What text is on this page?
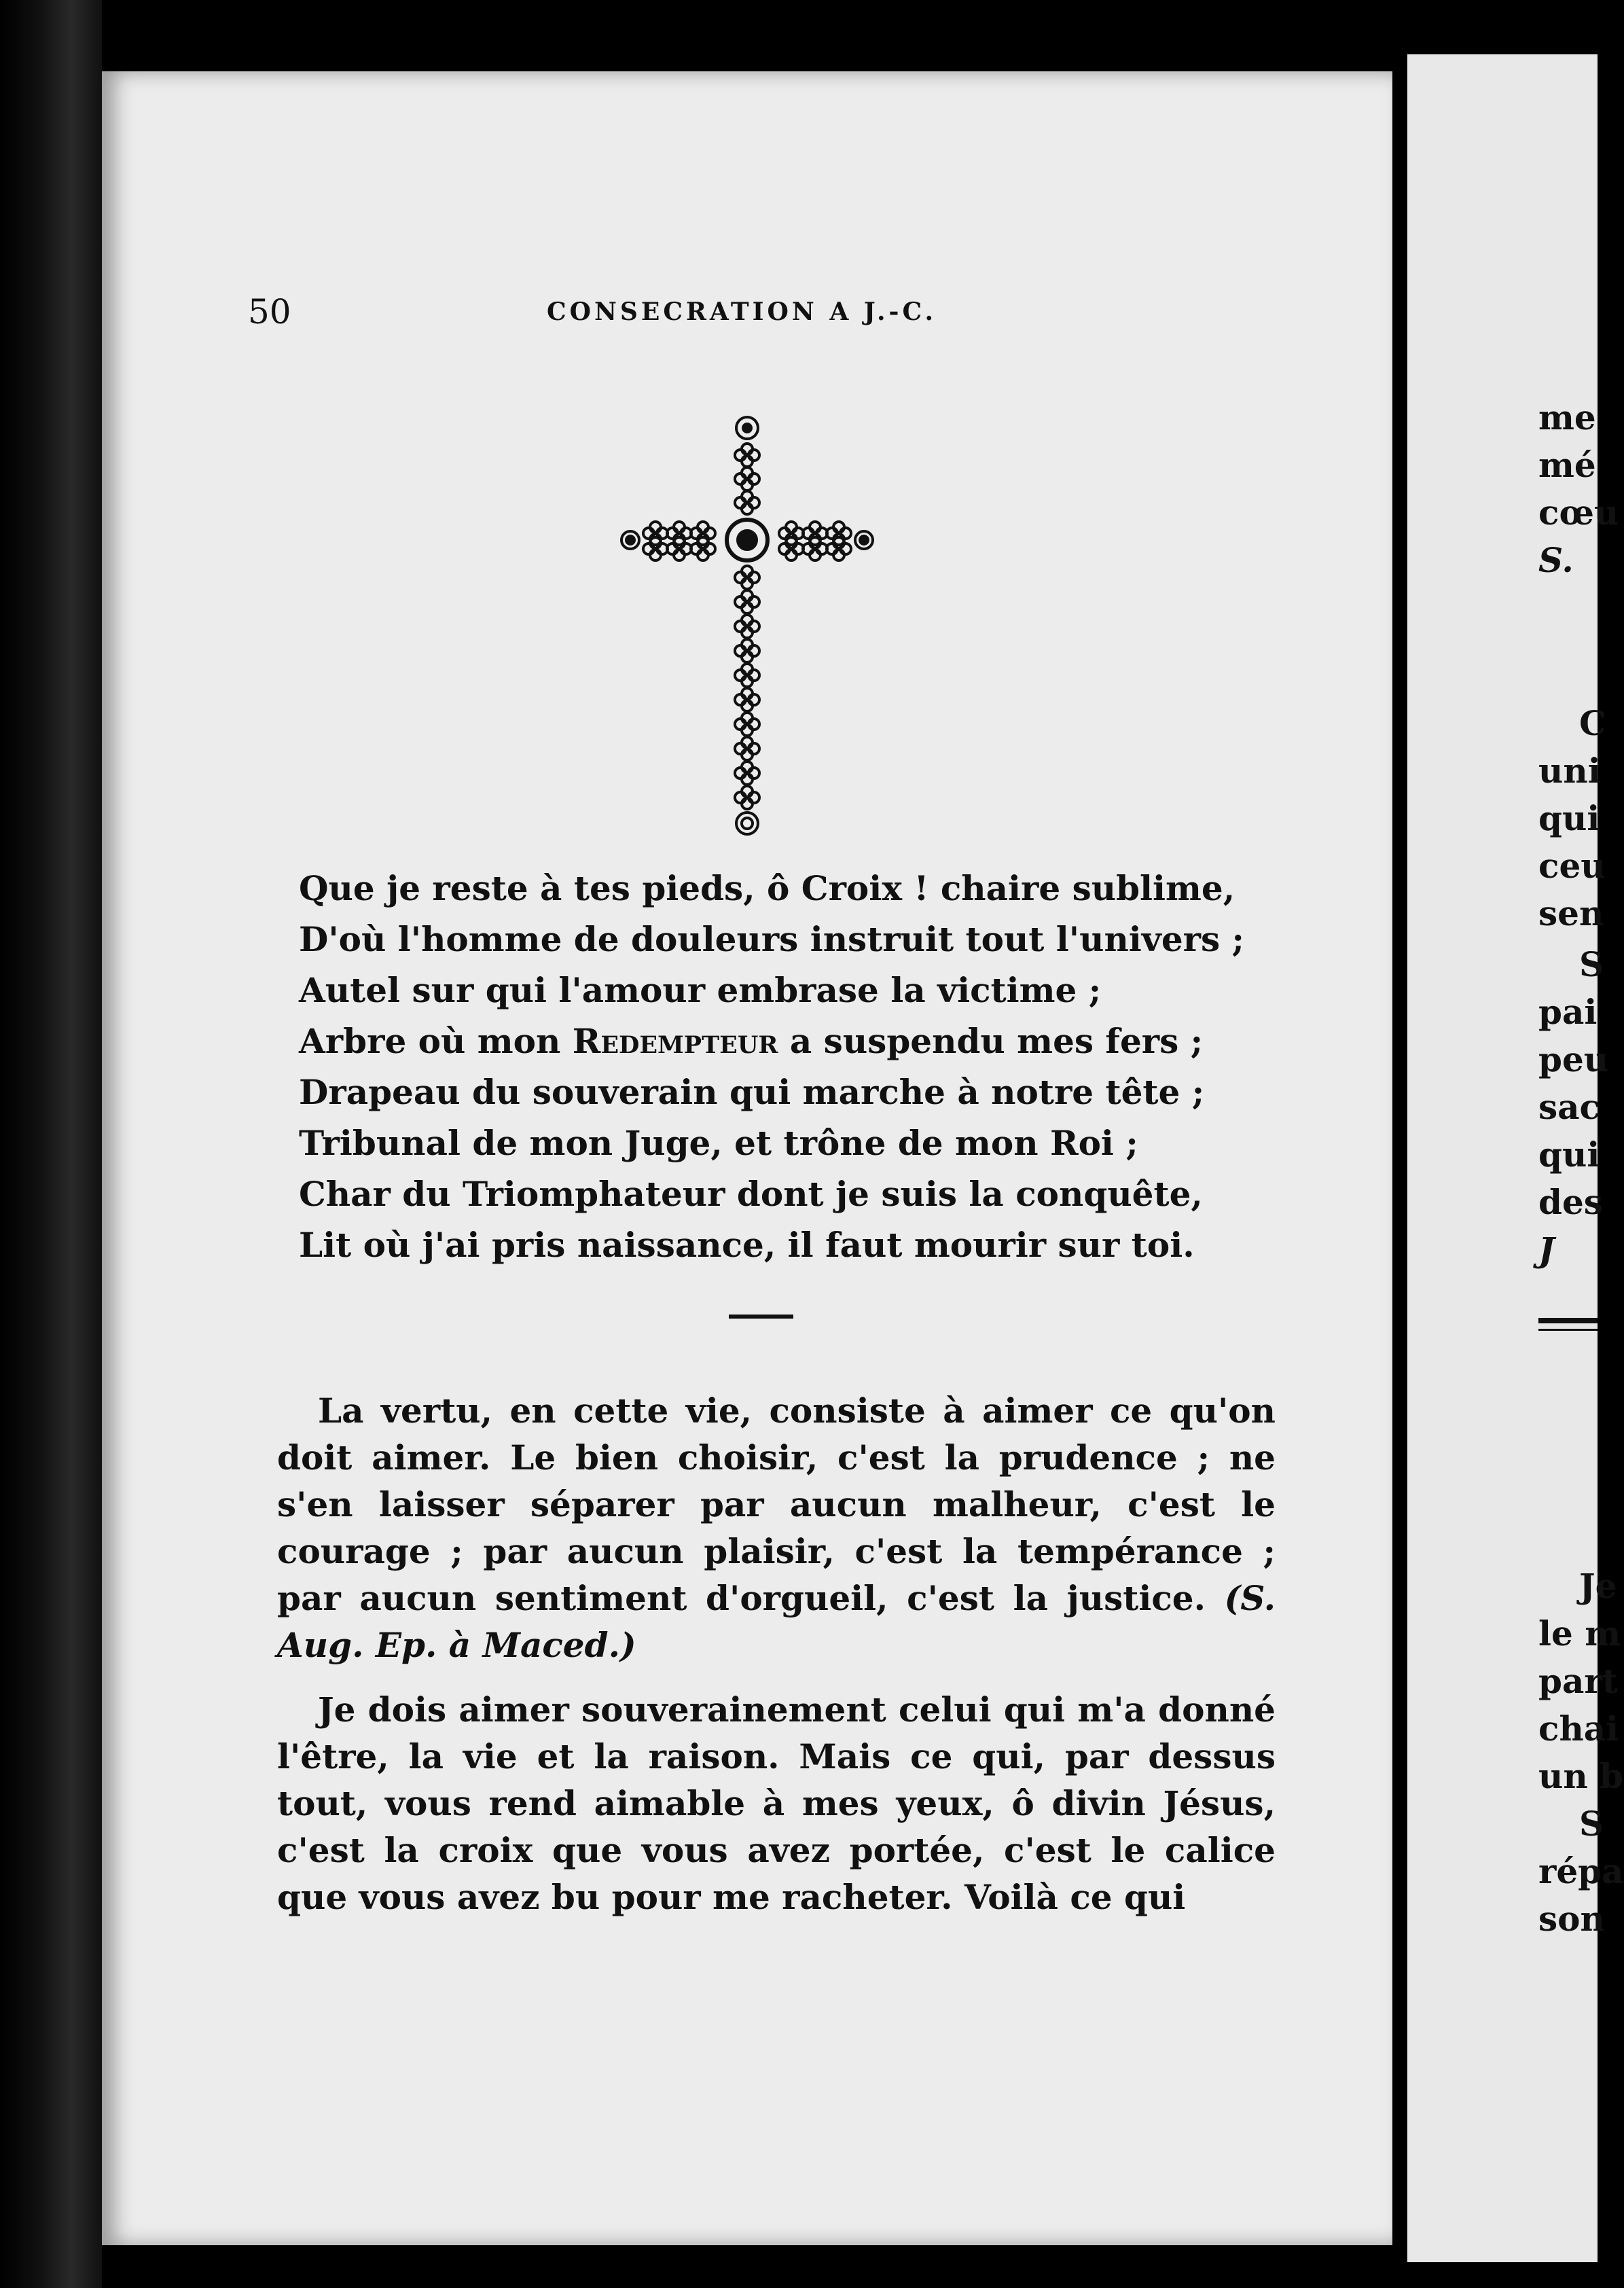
50	CONSECRATION A J.-C.
Que je reste à tes pieds, ô Croix ! chaire sublime,
D'où l'homme de douleurs instruit tout l'univers ;
Autel sur qui l'amour embrase la victime ;
Arbre où mon Redempteur a suspendu mes fers ;
Drapeau du souverain qui marche à notre tête ;
Tribunal de mon Juge, et trône de mon Roi ;
Char du Triomphateur dont je suis la conquête,
Lit où j'ai pris naissance, il faut mourir sur toi.

La vertu, en cette vie, consiste à aimer ce qu'on doit aimer. Le bien choisir, c'est la prudence ; ne s'en laisser séparer par aucun malheur, c'est le courage ; par aucun plaisir, c'est la tempérance ; par aucun sentiment d'orgueil, c'est la justice. (S. Aug. Ep. à Maced.)

Je dois aimer souverainement celui qui m'a donné l'être, la vie et la raison. Mais ce qui, par dessus tout, vous rend aimable à mes yeux, ô divin Jésus, c'est la croix que vous avez portée, c'est le calice que vous avez bu pour me racheter. Voilà ce qui

me
mé
cœu
S.
C
uni
qui
ceu
sen
S
pai
peu
sac
qui
des
J
Je
le m
part
chai
un b
S
répa
son
